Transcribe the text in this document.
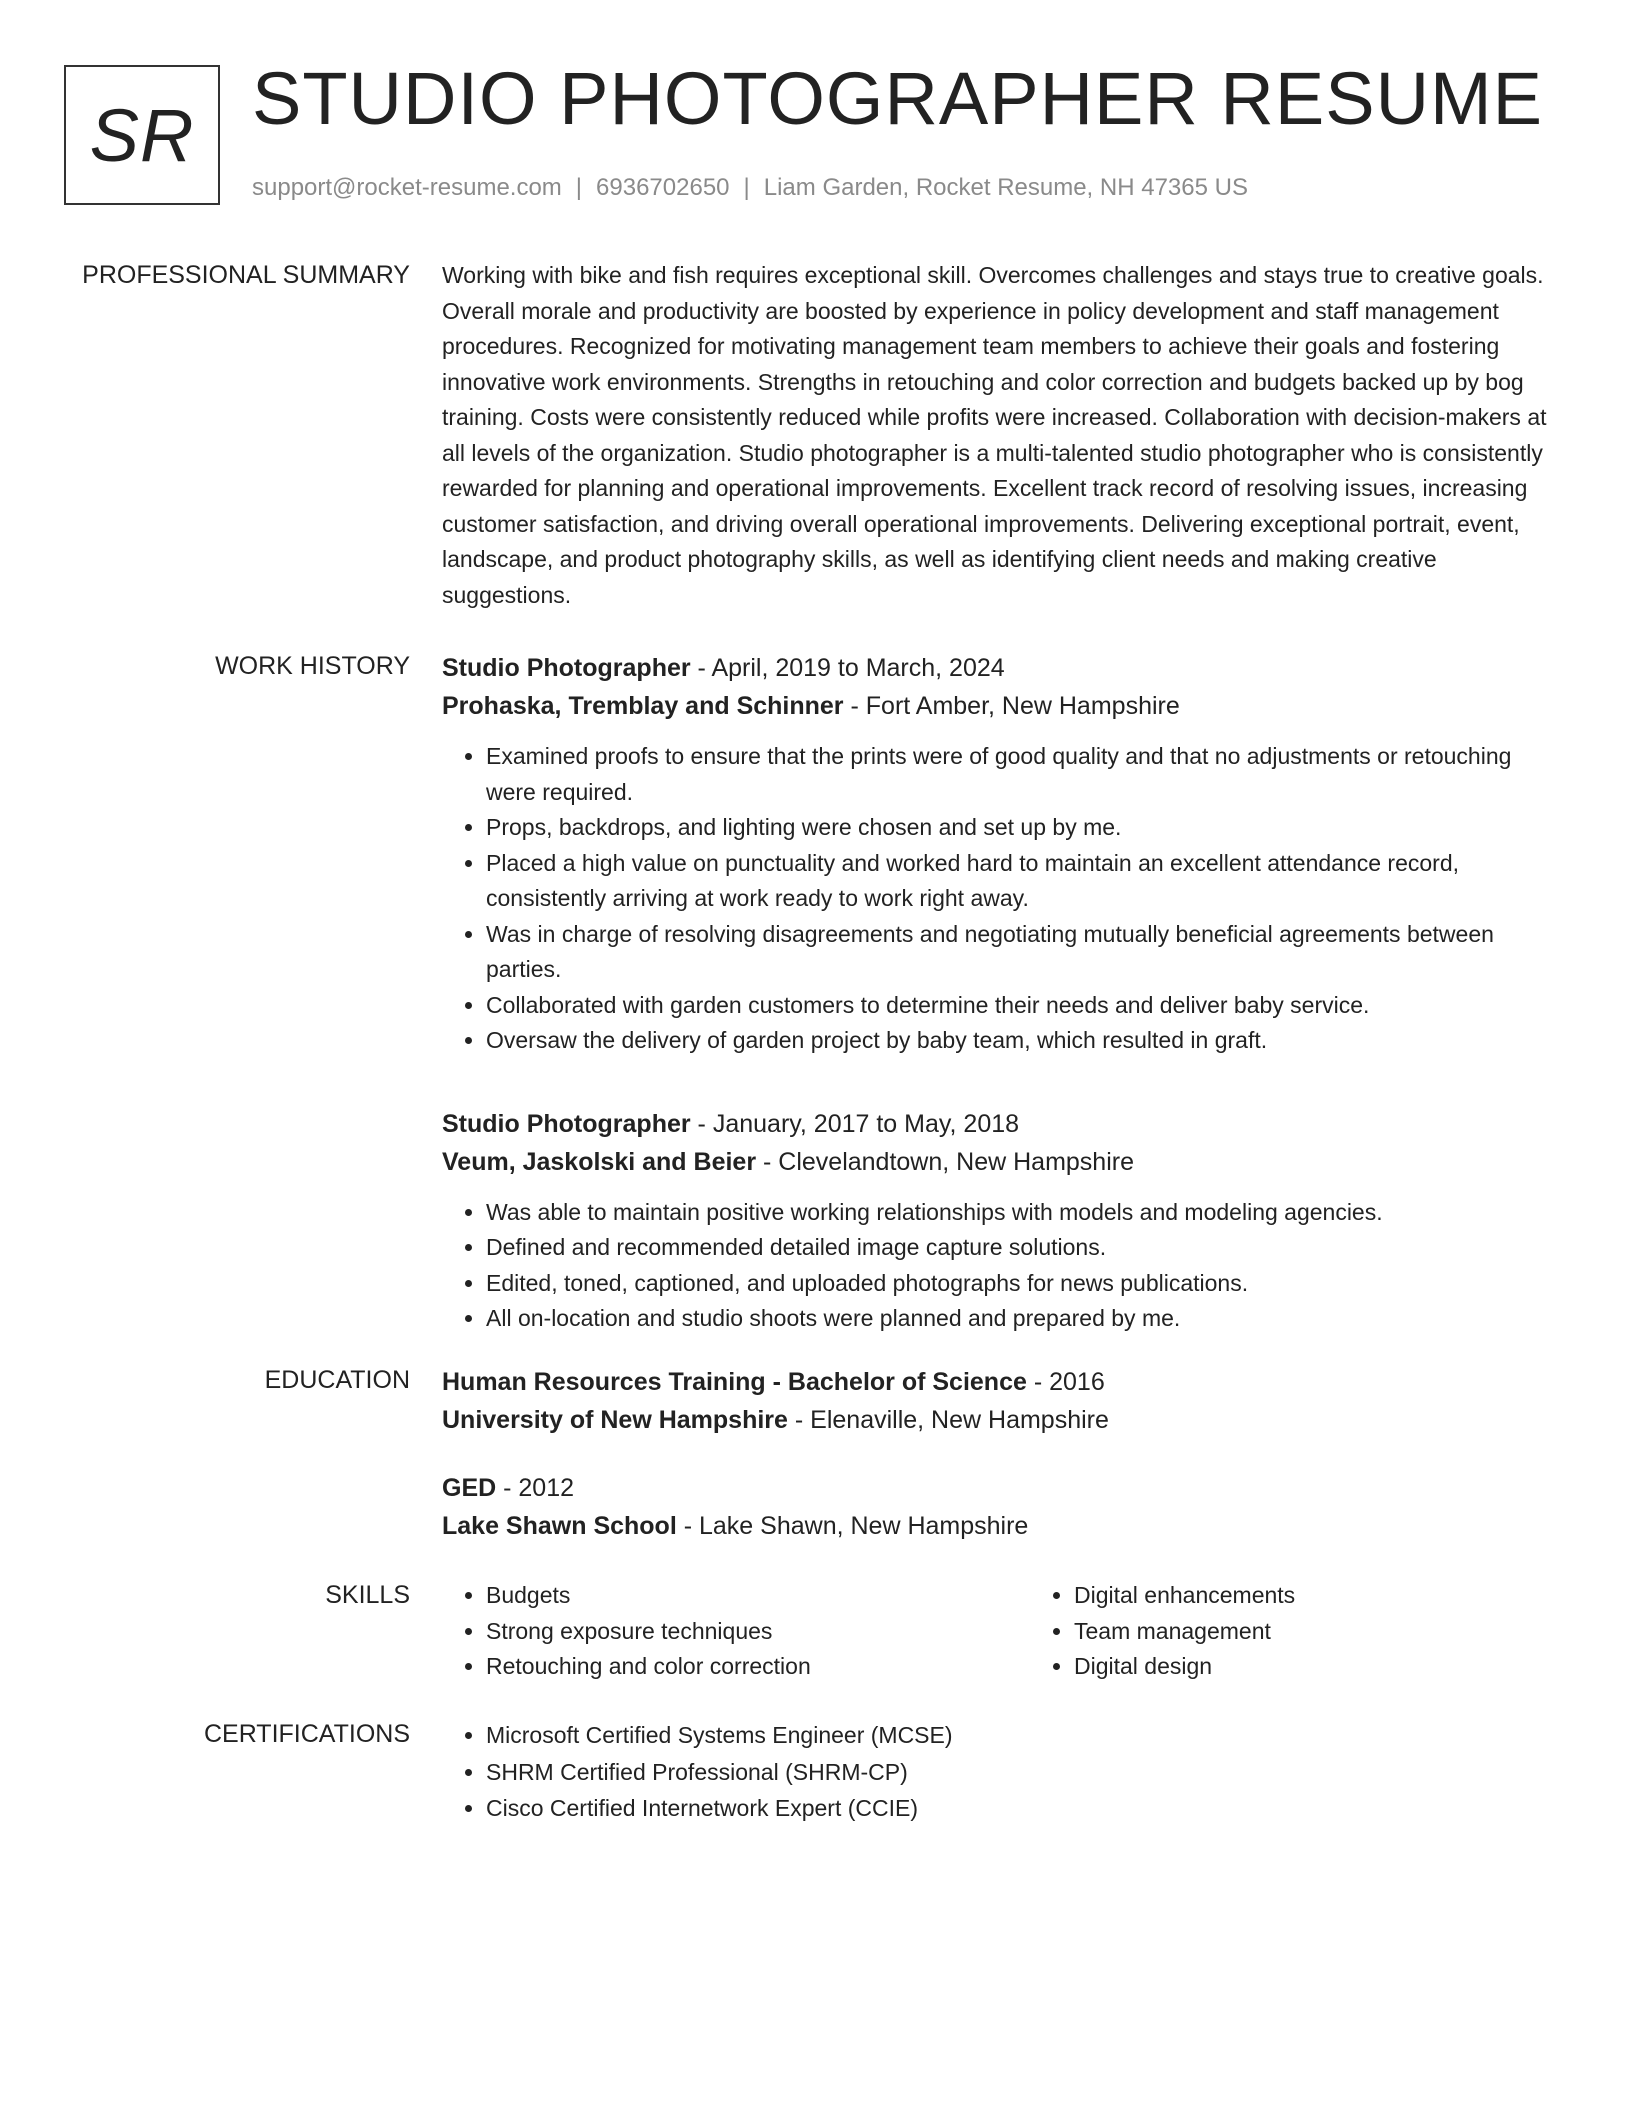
SR STUDIO PHOTOGRAPHER RESUME
support@rocket-resume.com | 6936702650 | Liam Garden, Rocket Resume, NH 47365 US
PROFESSIONAL SUMMARY Working with bike and fish requires exceptional skill. Overcomes challenges and stays true to creative goals. Overall morale and productivity are boosted by experience in policy development and staff management procedures. Recognized for motivating management team members to achieve their goals and fostering innovative work environments. Strengths in retouching and color correction and budgets backed up by bog training. Costs were consistently reduced while profits were increased. Collaboration with decision-makers at all levels of the organization. Studio photographer is a multi-talented studio photographer who is consistently rewarded for planning and operational improvements. Excellent track record of resolving issues, increasing customer satisfaction, and driving overall operational improvements. Delivering exceptional portrait, event, landscape, and product photography skills, as well as identifying client needs and making creative suggestions.
WORK HISTORY Studio Photographer - April, 2019 to March, 2024
Prohaska, Tremblay and Schinner - Fort Amber, New Hampshire
• Examined proofs to ensure that the prints were of good quality and that no adjustments or retouching were required.
• Props, backdrops, and lighting were chosen and set up by me.
• Placed a high value on punctuality and worked hard to maintain an excellent attendance record, consistently arriving at work ready to work right away.
• Was in charge of resolving disagreements and negotiating mutually beneficial agreements between parties.
• Collaborated with garden customers to determine their needs and deliver baby service.
• Oversaw the delivery of garden project by baby team, which resulted in graft.
Studio Photographer - January, 2017 to May, 2018
Veum, Jaskolski and Beier - Clevelandtown, New Hampshire
• Was able to maintain positive working relationships with models and modeling agencies.
• Defined and recommended detailed image capture solutions.
• Edited, toned, captioned, and uploaded photographs for news publications.
• All on-location and studio shoots were planned and prepared by me.
EDUCATION Human Resources Training - Bachelor of Science - 2016
University of New Hampshire - Elenaville, New Hampshire
GED - 2012
Lake Shawn School - Lake Shawn, New Hampshire
SKILLS	• Budgets
• Strong exposure techniques
• Retouching and color correction
• Digital enhancements
• Team management
• Digital design
CERTIFICATIONS	• Microsoft Certified Systems Engineer (MCSE)
• SHRM Certified Professional (SHRM-CP)
• Cisco Certified Internetwork Expert (CCIE)
